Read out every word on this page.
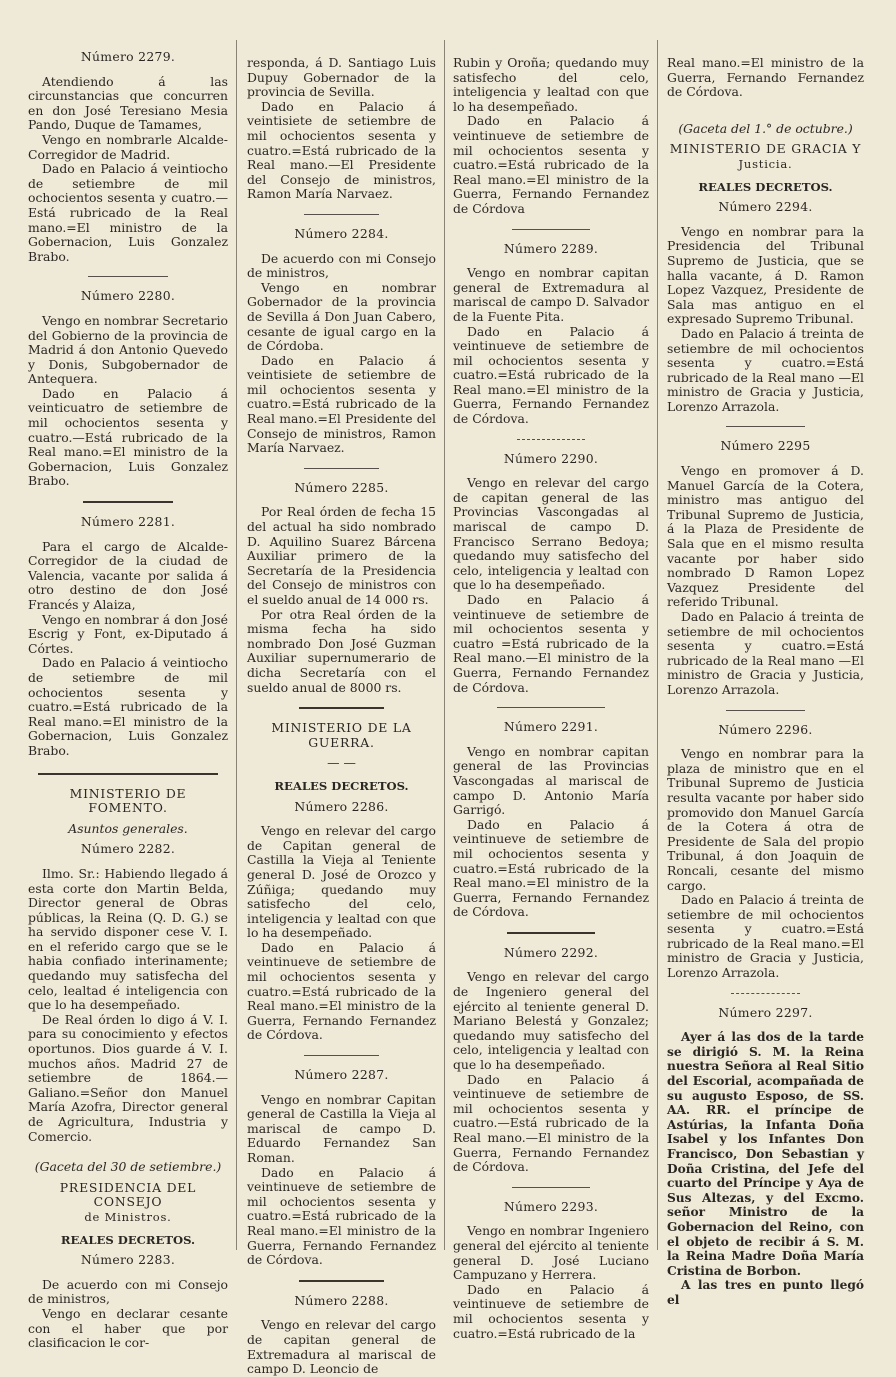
Número 2279.

Atendiendo á las circunstancias que concurren en don José Teresiano Mesia Pando, Duque de Tamames,

Vengo en nombrarle Alcalde-Corregidor de Madrid.

Dado en Palacio á veintiocho de setiembre de mil ochocientos sesenta y cuatro.—Está rubricado de la Real mano.=El ministro de la Gobernacion, Luis Gonzalez Brabo.

Número 2280.

Vengo en nombrar Secretario del Gobierno de la provincia de Madrid á don Antonio Quevedo y Donis, Subgobernador de Antequera.

Dado en Palacio á veinticuatro de setiembre de mil ochocientos sesenta y cuatro.—Está rubricado de la Real mano.=El ministro de la Gobernacion, Luis Gonzalez Brabo.

Número 2281.

Para el cargo de Alcalde-Corregidor de la ciudad de Valencia, vacante por salida á otro destino de don José Francés y Alaiza,

Vengo en nombrar á don José Escrig y Font, ex-Diputado á Córtes.

Dado en Palacio á veintiocho de setiembre de mil ochocientos sesenta y cuatro.=Está rubricado de la Real mano.=El ministro de la Gobernacion, Luis Gonzalez Brabo.

MINISTERIO DE FOMENTO.
Asuntos generales.
Número 2282.

Ilmo. Sr.: Habiendo llegado á esta corte don Martin Belda, Director general de Obras públicas, la Reina (Q. D. G.) se ha servido disponer cese V. I. en el referido cargo que se le habia confiado interinamente; quedando muy satisfecha del celo, lealtad é inteligencia con que lo ha desempeñado.

De Real órden lo digo á V. I. para su conocimiento y efectos oportunos. Dios guarde á V. I. muchos años. Madrid 27 de setiembre de 1864.—Galiano.=Señor don Manuel María Azofra, Director general de Agricultura, Industria y Comercio.

(Gaceta del 30 de setiembre.)
PRESIDENCIA DEL CONSEJO
de Ministros.
REALES DECRETOS.
Número 2283.

De acuerdo con mi Consejo de ministros,

Vengo en declarar cesante con el haber que por clasificacion le cor-

responda, á D. Santiago Luis Dupuy Gobernador de la provincia de Sevilla.

Dado en Palacio á veintisiete de setiembre de mil ochocientos sesenta y cuatro.=Está rubricado de la Real mano.—El Presidente del Consejo de ministros, Ramon María Narvaez.

Número 2284.

De acuerdo con mi Consejo de ministros,

Vengo en nombrar Gobernador de la provincia de Sevilla á Don Juan Cabero, cesante de igual cargo en la de Córdoba.

Dado en Palacio á veintisiete de setiembre de mil ochocientos sesenta y cuatro.=Está rubricado de la Real mano.=El Presidente del Consejo de ministros, Ramon María Narvaez.

Número 2285.

Por Real órden de fecha 15 del actual ha sido nombrado D. Aquilino Suarez Bárcena Auxiliar primero de la Secretaría de la Presidencia del Consejo de ministros con el sueldo anual de 14 000 rs.

Por otra Real órden de la misma fecha ha sido nombrado Don José Guzman Auxiliar supernumerario de dicha Secretaría con el sueldo anual de 8000 rs.

MINISTERIO DE LA GUERRA.
— —
REALES DECRETOS.
Número 2286.

Vengo en relevar del cargo de Capitan general de Castilla la Vieja al Teniente general D. José de Orozco y Zúñiga; quedando muy satisfecho del celo, inteligencia y lealtad con que lo ha desempeñado.

Dado en Palacio á veintinueve de setiembre de mil ochocientos sesenta y cuatro.=Está rubricado de la Real mano.=El ministro de la Guerra, Fernando Fernandez de Córdova.

Número 2287.

Vengo en nombrar Capitan general de Castilla la Vieja al mariscal de campo D. Eduardo Fernandez San Roman.

Dado en Palacio á veintinueve de setiembre de mil ochocientos sesenta y cuatro.=Está rubricado de la Real mano.=El ministro de la Guerra, Fernando Fernandez de Córdova.

Número 2288.

Vengo en relevar del cargo de capitan general de Extremadura al mariscal de campo D. Leoncio de

Rubin y Oroña; quedando muy satisfecho del celo, inteligencia y lealtad con que lo ha desempeñado.

Dado en Palacio á veintinueve de setiembre de mil ochocientos sesenta y cuatro.=Está rubricado de la Real mano.=El ministro de la Guerra, Fernando Fernandez de Córdova

Número 2289.

Vengo en nombrar capitan general de Extremadura al mariscal de campo D. Salvador de la Fuente Pita.

Dado en Palacio á veintinueve de setiembre de mil ochocientos sesenta y cuatro.=Está rubricado de la Real mano.=El ministro de la Guerra, Fernando Fernandez de Córdova.

Número 2290.

Vengo en relevar del cargo de capitan general de las Provincias Vascongadas al mariscal de campo D. Francisco Serrano Bedoya; quedando muy satisfecho del celo, inteligencia y lealtad con que lo ha desempeñado.

Dado en Palacio á veintinueve de setiembre de mil ochocientos sesenta y cuatro =Está rubricado de la Real mano.—El ministro de la Guerra, Fernando Fernandez de Córdova.

Número 2291.

Vengo en nombrar capitan general de las Provincias Vascongadas al mariscal de campo D. Antonio María Garrigó.

Dado en Palacio á veintinueve de setiembre de mil ochocientos sesenta y cuatro.=Está rubricado de la Real mano.=El ministro de la Guerra, Fernando Fernandez de Córdova.

Número 2292.

Vengo en relevar del cargo de Ingeniero general del ejército al teniente general D. Mariano Belestá y Gonzalez; quedando muy satisfecho del celo, inteligencia y lealtad con que lo ha desempeñado.

Dado en Palacio á veintinueve de setiembre de mil ochocientos sesenta y cuatro.—Está rubricado de la Real mano.—El ministro de la Guerra, Fernando Fernandez de Córdova.

Número 2293.

Vengo en nombrar Ingeniero general del ejército al teniente general D. José Luciano Campuzano y Herrera.

Dado en Palacio á veintinueve de setiembre de mil ochocientos sesenta y cuatro.=Está rubricado de la

Real mano.=El ministro de la Guerra, Fernando Fernandez de Córdova.

(Gaceta del 1.° de octubre.)
MINISTERIO DE GRACIA Y
Justicia.
REALES DECRETOS.
Número 2294.

Vengo en nombrar para la Presidencia del Tribunal Supremo de Justicia, que se halla vacante, á D. Ramon Lopez Vazquez, Presidente de Sala mas antiguo en el expresado Supremo Tribunal.

Dado en Palacio á treinta de setiembre de mil ochocientos sesenta y cuatro.=Está rubricado de la Real mano —El ministro de Gracia y Justicia, Lorenzo Arrazola.

Número 2295

Vengo en promover á D. Manuel García de la Cotera, ministro mas antiguo del Tribunal Supremo de Justicia, á la Plaza de Presidente de Sala que en el mismo resulta vacante por haber sido nombrado D Ramon Lopez Vazquez Presidente del referido Tribunal.

Dado en Palacio á treinta de setiembre de mil ochocientos sesenta y cuatro.=Está rubricado de la Real mano —El ministro de Gracia y Justicia, Lorenzo Arrazola.

Número 2296.

Vengo en nombrar para la plaza de ministro que en el Tribunal Supremo de Justicia resulta vacante por haber sido promovido don Manuel García de la Cotera á otra de Presidente de Sala del propio Tribunal, á don Joaquin de Roncali, cesante del mismo cargo.

Dado en Palacio á treinta de setiembre de mil ochocientos sesenta y cuatro.=Está rubricado de la Real mano.=El ministro de Gracia y Justicia, Lorenzo Arrazola.

Número 2297.

Ayer á las dos de la tarde se dirigió S. M. la Reina nuestra Señora al Real Sitio del Escorial, acompañada de su augusto Esposo, de SS. AA. RR. el príncipe de Astúrias, la Infanta Doña Isabel y los Infantes Don Francisco, Don Sebastian y Doña Cristina, del Jefe del cuarto del Príncipe y Aya de Sus Altezas, y del Excmo. señor Ministro de la Gobernacion del Reino, con el objeto de recibir á S. M. la Reina Madre Doña María Cristina de Borbon.

A las tres en punto llegó el
